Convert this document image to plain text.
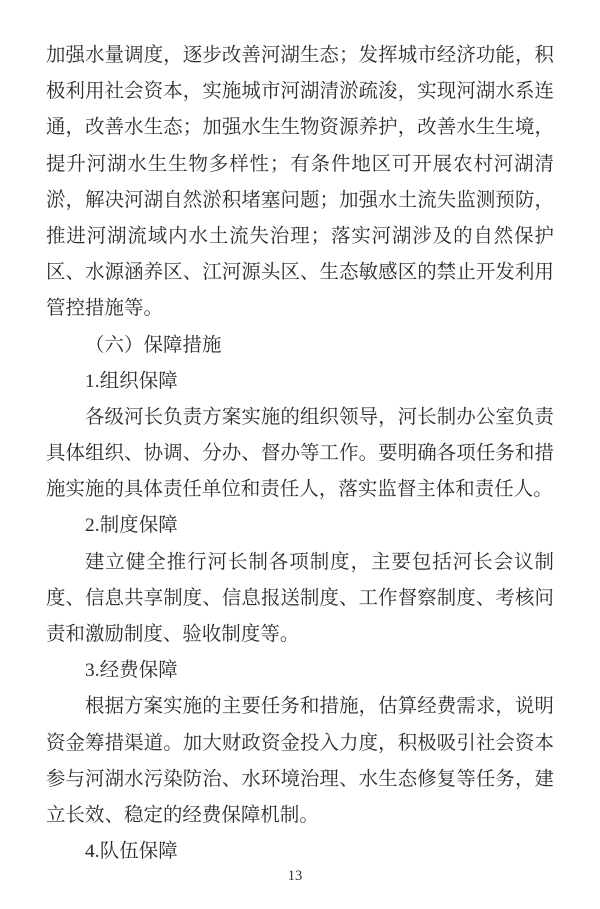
加强水量调度，逐步改善河湖生态；发挥城市经济功能，积
极利用社会资本，实施城市河湖清淤疏浚，实现河湖水系连
通，改善水生态；加强水生生物资源养护，改善水生生境，
提升河湖水生生物多样性；有条件地区可开展农村河湖清
淤，解决河湖自然淤积堵塞问题；加强水土流失监测预防，
推进河湖流域内水土流失治理；落实河湖涉及的自然保护
区、水源涵养区、江河源头区、生态敏感区的禁止开发利用
管控措施等。
（六）保障措施
1.组织保障
各级河长负责方案实施的组织领导，河长制办公室负责
具体组织、协调、分办、督办等工作。要明确各项任务和措
施实施的具体责任单位和责任人，落实监督主体和责任人。
2.制度保障
建立健全推行河长制各项制度，主要包括河长会议制
度、信息共享制度、信息报送制度、工作督察制度、考核问
责和激励制度、验收制度等。
3.经费保障
根据方案实施的主要任务和措施，估算经费需求，说明
资金筹措渠道。加大财政资金投入力度，积极吸引社会资本
参与河湖水污染防治、水环境治理、水生态修复等任务，建
立长效、稳定的经费保障机制。
4.队伍保障
13
